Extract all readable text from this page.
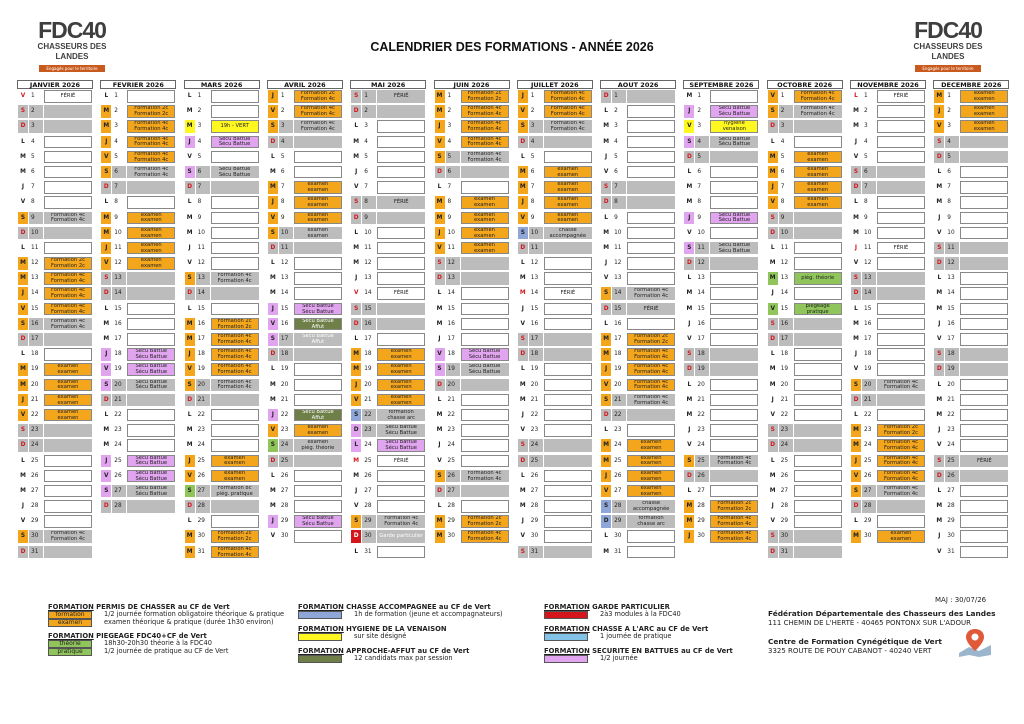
FDC40
CHASSEURS DES LANDES
Engagés pour le territoire
CALENDRIER DES FORMATIONS - ANNÉE 2026
FDC40
CHASSEURS DES LANDES
Engagés pour le territoire
JANVIER 2026
V 1	FÉRIÉ
S	2
D 3
L	4
M 5
M 6
J	7
V 8
S	9	Formation 4c
Formation 4c
D 10
L	11
M 12	Formation 2c
Formation 2c
M 13	Formation 4c
Formation 4c
J	14	Formation 4c
Formation 4c
V 15	Formation 4c
Formation 4c
S	16	Formation 4c
Formation 4c
D 17
L	18
M 19	examen
examen
M 20	examen
examen
J	21	examen
examen
V 22	examen
examen
S	23
D 24
L	25
M 26
M 27
J	28
V 29
S	30	Formation 4c
Formation 4c
D 31
FEVRIER 2026
L	1
M 2	Formation 2c
Formation 2c
M 3	Formation 4c
Formation 4c
J	4	Formation 4c
Formation 4c
V 5	Formation 4c
Formation 4c
S	6	Formation 4c
Formation 4c
D 7
L	8
M 9	examen
examen
M 10	examen
examen
J	11	examen
examen
V 12	examen
examen
S	13
D 14
L	15
M 16
M 17
J	18	Sécu Battue
Sécu Battue
V 19	Sécu Battue
Sécu Battue
S	20	Sécu Battue
Sécu Battue
D 21
L	22
M 23
M 24
J	25	Sécu Battue
Sécu Battue
V 26	Sécu Battue
Sécu Battue
S	27	Sécu Battue
Sécu Battue
D 28
MARS 2026
L	1
M 2
M 3	19h - VERT
J	4	Sécu Battue
Sécu Battue
V 5
S	6	Sécu Battue
Sécu Battue
D 7
L	8
M 9
M 10
J	11
V 12
S	13	Formation 4c
Formation 4c
D 14
L	15
M 16	Formation 2c
Formation 2c
M 17	Formation 4c
Formation 4c
J	18	Formation 4c
Formation 4c
V 19	Formation 4c
Formation 4c
S	20	Formation 4c
Formation 4c
D 21
L	22
M 23
M 24
J	25	examen
examen
V 26	examen
examen
S	27	Formation 8c
piég. pratique
D 28
L	29
M 30	Formation 2c
Formation 2c
M 31	Formation 4c
Formation 4c
AVRIL 2026
J	1	Formation 2c
Formation 4c
V 2	Formation 4c
Formation 4c
S	3	Formation 4c
Formation 4c
D 4
L	5
M 6
M 7	examen
examen
J	8	examen
examen
V 9	examen
examen
S	10	examen
examen
D 11
L	12
M 13
M 14
J	15	Sécu Battue
Sécu Battue
V 16	Sécu Battue
Affut
S	17	Sécu Battue
Affut
D 18
L	19
M 20
M 21
J	22	Sécu Battue
Affut
V 23	examen
examen
S	24	examen
piég. théorie
D 25
L	26
M 27
M 28
J	29	Sécu Battue
Sécu Battue
V 30
MAI 2026
S	1	FÉRIÉ
D 2
L	3
M 4
M 5
J	6
V 7
S	8	FÉRIÉ
D 9
L	10
M 11
M 12
J	13
V 14	FÉRIÉ
S	15
D 16
L	17
M 18	examen
examen
M 19	examen
examen
J	20	examen
examen
V 21	examen
examen
S	22	formation
chasse arc
D 23	Sécu Battue
Sécu Battue
L	24	Sécu Battue
Sécu Battue
M 25	FÉRIÉ
M 26
J	27
V 28
S	29	Formation 4c
Formation 4c
D 30	Garde particulier
L	31
JUIN 2026
M 1	Formation 2c
Formation 2c
M 2	Formation 4c
Formation 4c
J	3	Formation 4c
Formation 4c
V 4	Formation 4c
Formation 4c
S	5	Formation 4c
Formation 4c
D 6
L	7
M 8	examen
examen
M 9	examen
examen
J	10	examen
examen
V 11	examen
examen
S	12
D 13
L	14
M 15
M 16
J	17
V 18	Sécu Battue
Sécu Battue
S	19	Sécu Battue
Sécu Battue
D 20
L	21
M 22
M 23
J	24
V 25
S	26	Formation 4c
Formation 4c
D 27
L	28
M 29	Formation 2c
Formation 2c
M 30	Formation 4c
Formation 4c
JUILLET 2026
J	1	Formation 4c
Formation 4c
V 2	Formation 4c
Formation 4c
S	3	Formation 4c
Formation 4c
D 4
L	5
M 6	examen
examen
M 7	examen
examen
J	8	examen
examen
V 9	examen
examen
S	10	chasse
accompagnée
D 11
L	12
M 13
M 14	FÉRIÉ
J	15
V 16
S	17
D 18
L	19
M 20
M 21
J	22
V 23
S	24
D 25
L	26
M 27
M 28
J	29
V 30
S	31
AOUT 2026
D 1
L	2
M 3
M 4
J	5
V 6
S	7
D 8
L	9
M 10
M 11
J	12
V 13
S	14	Formation 4c
Formation 4c
D 15	FÉRIÉ
L	16
M 17	Formation 2c
Formation 2c
M 18	Formation 4c
Formation 4c
J	19	Formation 4c
Formation 4c
V 20	Formation 4c
Formation 4c
S	21	Formation 4c
Formation 4c
D 22
L	23
M 24	examen
examen
M 25	examen
examen
J	26	examen
examen
V 27	examen
examen
S	28	chasse
accompagnée
D 29	formation
chasse arc
L	30
M 31
SEPTEMBRE 2026
M 1
J	2	Sécu Battue
Sécu Battue
V 3	hygiène
venaison
S	4	Sécu Battue
Sécu Battue
D 5
L	6
M 7
M 8
J	9	Sécu Battue
Sécu Battue
V 10
S	11	Sécu Battue
Sécu Battue
D 12
L	13
M 14
M 15
J	16
V 17
S	18
D 19
L	20
M 21
M 22
J	23
V 24
S	25	Formation 4c
Formation 4c
D 26
L	27
M 28	Formation 2c
Formation 2c
M 29	Formation 4c
Formation 4c
J	30	Formation 4c
Formation 4c
OCTOBRE 2026
V 1	Formation 4c
Formation 4c
S	2	Formation 4c
Formation 4c
D 3
L	4
M 5	examen
examen
M 6	examen
examen
J	7	examen
examen
V 8	examen
examen
S	9
D 10
L	11
M 12
M 13	piég. théorie
J	14
V 15	piégeage
pratique
S	16
D 17
L	18
M 19
M 20
J	21
V 22
S	23
D 24
L	25
M 26
M 27
J	28
V 29
S	30
D 31
NOVEMBRE 2026
L	1	FÉRIÉ
M 2
M 3
J	4
V 5
S	6
D 7
L	8
M 9
M 10
J	11	FÉRIÉ
V 12
S	13
D 14
L	15
M 16
M 17
J	18
V 19
S	20	Formation 4c
Formation 4c
D 21
L	22
M 23	Formation 2c
Formation 2c
M 24	Formation 4c
Formation 4c
J	25	Formation 4c
Formation 4c
V 26	Formation 4c
Formation 4c
S	27	Formation 4c
Formation 4c
D 28
L	29
M 30	examen
examen
DECEMBRE 2026
M 1	examen
examen
J	2	examen
examen
V 3	examen
examen
S	4
D 5
L	6
M 7
M 8
J	9
V 10
S	11
D 12
L	13
M 14
M 15
J	16
V 17
S	18
D 19
L	20
M 21
M 22
J	23
V 24
S	25	FÉRIÉ
D 26
L	27
M 28
M 29
J	30
V 31
FORMATION PERMIS DE CHASSER au CF de Vert
formation	1/2 journée formation obligatoire théorique & pratique
examen	examen théorique & pratique (durée 1h30 environ)
FORMATION PIEGEAGE FDC40+CF de Vert
théorie	18h30-20h30 théorie à la FDC40
pratique	1/2 journée de pratique au CF de Vert
FORMATION CHASSE ACCOMPAGNEE au CF de Vert
1h de formation (jeune et accompagnateurs)
FORMATION HYGIENE DE LA VENAISON
sur site désigné
FORMATION APPROCHE-AFFUT au CF de Vert
12 candidats max par session
FORMATION GARDE PARTICULIER
2à3 modules à la FDC40
FORMATION CHASSE A L'ARC au CF de Vert
1 journée de pratique
FORMATION SECURITE EN BATTUES au CF de Vert
1/2 journée
MAJ : 30/07/26
Fédération Départementale des Chasseurs des Landes
111 CHEMIN DE L'HERTÉ - 40465 PONTONX SUR L'ADOUR

Centre de Formation Cynégétique de Vert
3325 ROUTE DE POUY CABANOT - 40240 VERT
